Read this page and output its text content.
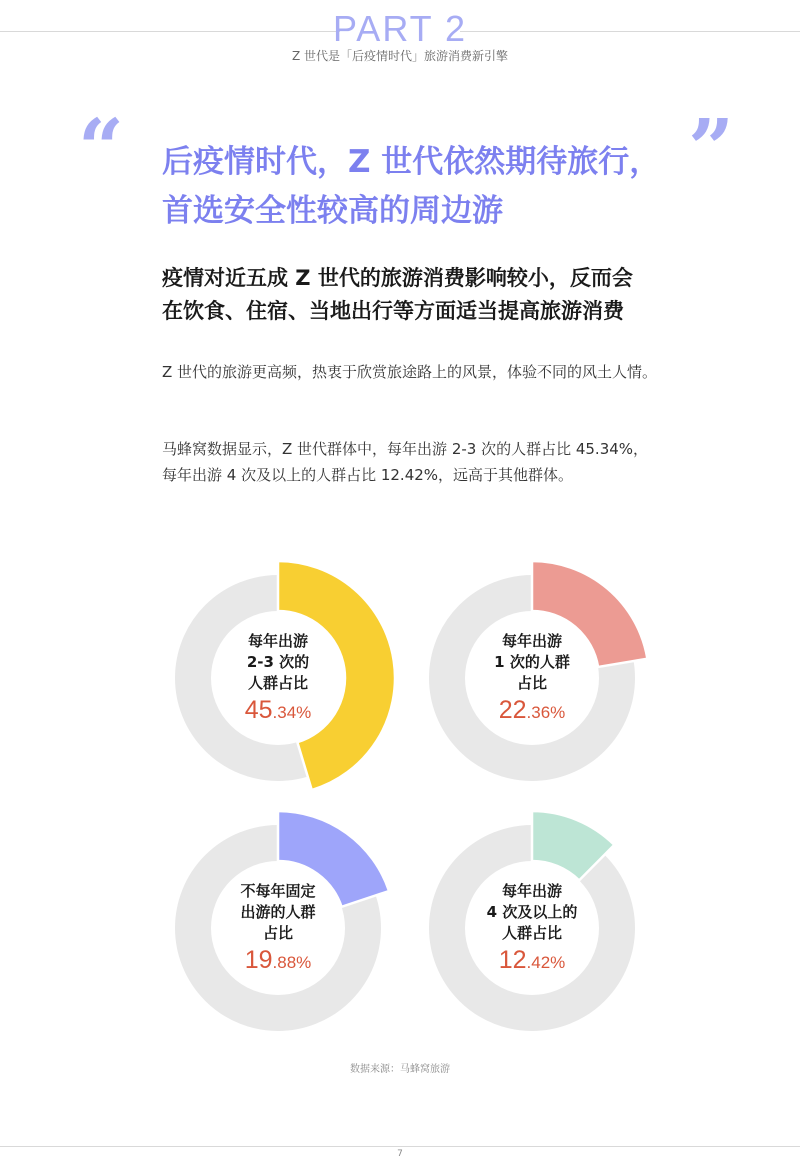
PART 2
Z 世代是「后疫情时代」旅游消费新引擎
“	”
后疫情时代，Z 世代依然期待旅行，
首选安全性较高的周边游
疫情对近五成 Z 世代的旅游消费影响较小，反而会
在饮食、住宿、当地出行等方面适当提高旅游消费
Z 世代的旅游更高频，热衷于欣赏旅途路上的风景，体验不同的风土人情。
马蜂窝数据显示，Z 世代群体中，每年出游 2-3 次的人群占比 45.34%，每年出游 4 次及以上的人群占比 12.42%，远高于其他群体。
每年出游
2-3 次的
人群占比
45.34%
每年出游
1 次的人群
占比
22.36%
不每年固定
出游的人群
占比
19.88%
每年出游
4 次及以上的
人群占比
12.42%
数据来源：马蜂窝旅游
7
